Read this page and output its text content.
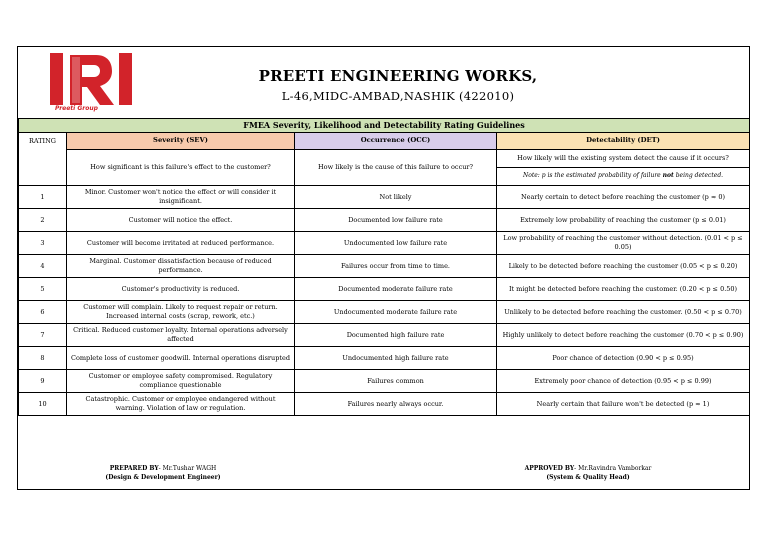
Preeti Group
PREETI ENGINEERING WORKS,
L-46,MIDC-AMBAD,NASHIK (422010)
FMEA Severity, Likelihood and Detectability Rating Guidelines			
RATING	Severity (SEV)	Occurrence (OCC)	Detectability (DET)
	How significant is this failure's effect to the customer?	How likely is the cause of this failure to occur?	How likely will the existing system detect the cause if it occurs?
			Note: p is the estimated probability of failure not being detected.
1	Minor. Customer won't notice the effect or will consider it insignificant.	Not likely	Nearly certain to detect before reaching the customer (p ≈ 0)
2	Customer will notice the effect.	Documented low failure rate	Extremely low probability of reaching the customer (p ≤ 0.01)
3	Customer will become irritated at reduced performance.	Undocumented low failure rate	Low probability of reaching the customer without detection. (0.01 < p ≤ 0.05)
4	Marginal. Customer dissatisfaction because of reduced performance.	Failures occur from time to time.	Likely to be detected before reaching the customer (0.05 < p ≤ 0.20)
5	Customer's productivity is reduced.	Documented moderate failure rate	It might be detected before reaching the customer. (0.20 < p ≤ 0.50)
6	Customer will complain. Likely to request repair or return. Increased internal costs (scrap, rework, etc.)	Undocumented moderate failure rate	Unlikely to be detected before reaching the customer. (0.50 < p ≤ 0.70)
7	Critical. Reduced customer loyalty. Internal operations adversely affected	Documented high failure rate	Highly unlikely to detect before reaching the customer (0.70 < p ≤ 0.90)
8	Complete loss of customer goodwill. Internal operations disrupted	Undocumented high failure rate	Poor chance of detection (0.90 < p ≤ 0.95)
9	Customer or employee safety compromised. Regulatory compliance questionable	Failures common	Extremely poor chance of detection (0.95 < p ≤ 0.99)
10	Catastrophic. Customer or employee endangered without warning. Violation of law or regulation.	Failures nearly always occur.	Nearly certain that failure won't be detected (p ≈ 1)
PREPARED BY- Mr.Tushar WAGH
(Design & Development Engineer)
APPROVED BY- Mr.Ravindra Vamborkar
(System & Quality Head)
